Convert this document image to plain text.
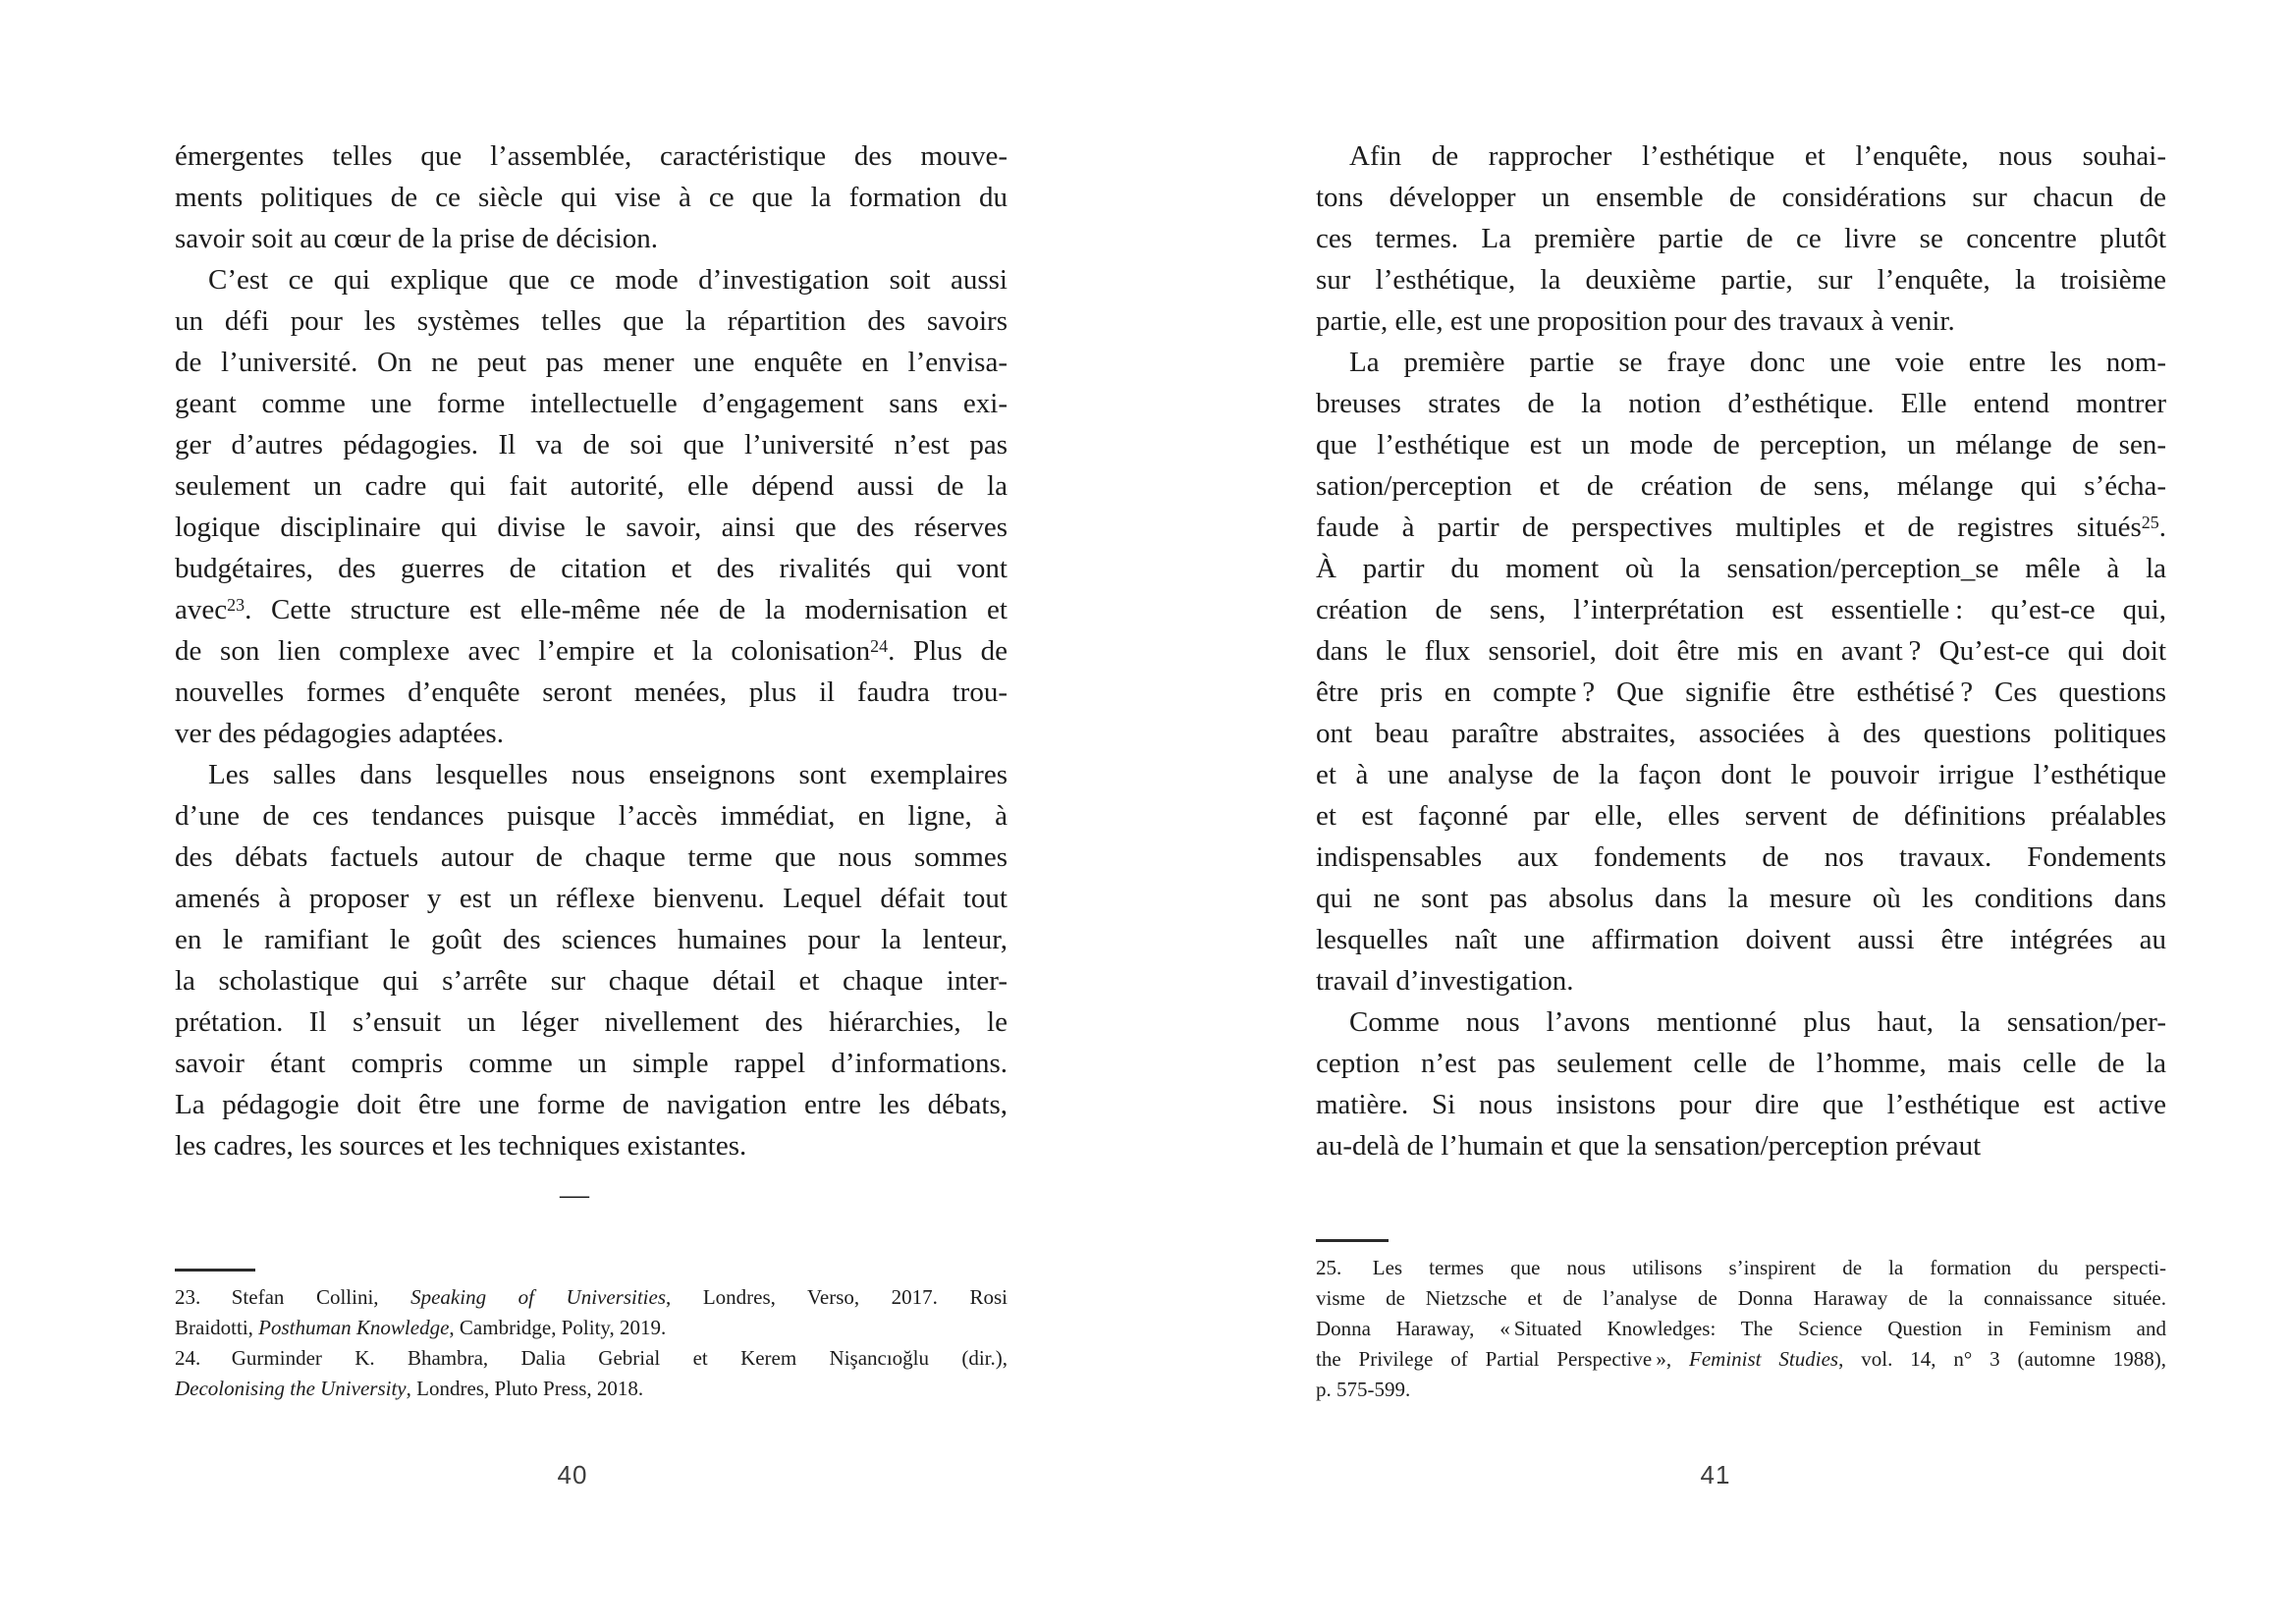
émergentes telles que l’assemblée, caractéristique des mouve-
ments politiques de ce siècle qui vise à ce que la formation du
savoir soit au cœur de la prise de décision.
C’est ce qui explique que ce mode d’investigation soit aussi
un défi pour les systèmes telles que la répartition des savoirs
de l’université. On ne peut pas mener une enquête en l’envisa-
geant comme une forme intellectuelle d’engagement sans exi-
ger d’autres pédagogies. Il va de soi que l’université n’est pas
seulement un cadre qui fait autorité, elle dépend aussi de la
logique disciplinaire qui divise le savoir, ainsi que des réserves
budgétaires, des guerres de citation et des rivalités qui vont
avec$^{23}$. Cette structure est elle-même née de la modernisation et
de son lien complexe avec l’empire et la colonisation$^{24}$. Plus de
nouvelles formes d’enquête seront menées, plus il faudra trou-
ver des pédagogies adaptées.
Les salles dans lesquelles nous enseignons sont exemplaires
d’une de ces tendances puisque l’accès immédiat, en ligne, à
des débats factuels autour de chaque terme que nous sommes
amenés à proposer y est un réflexe bienvenu. Lequel défait tout
en le ramifiant le goût des sciences humaines pour la lenteur,
la scholastique qui s’arrête sur chaque détail et chaque inter-
prétation. Il s’ensuit un léger nivellement des hiérarchies, le
savoir étant compris comme un simple rappel d’informations.
La pédagogie doit être une forme de navigation entre les débats,
les cadres, les sources et les techniques existantes.
—
23.  Stefan Collini, Speaking of Universities, Londres, Verso, 2017. Rosi
Braidotti, Posthuman Knowledge, Cambridge, Polity, 2019.
24.  Gurminder K. Bhambra, Dalia Gebrial et Kerem Nişancıoğlu (dir.),
Decolonising the University, Londres, Pluto Press, 2018.
40
Afin de rapprocher l’esthétique et l’enquête, nous souhai-
tons développer un ensemble de considérations sur chacun de
ces termes. La première partie de ce livre se concentre plutôt
sur l’esthétique, la deuxième partie, sur l’enquête, la troisième
partie, elle, est une proposition pour des travaux à venir.
La première partie se fraye donc une voie entre les nom-
breuses strates de la notion d’esthétique. Elle entend montrer
que l’esthétique est un mode de perception, un mélange de sen-
sation/perception et de création de sens, mélange qui s’écha-
faude à partir de perspectives multiples et de registres situés$^{25}$.
À partir du moment où la sensation/perception_se mêle à la
création de sens, l’interprétation est essentielle : qu’est-ce qui,
dans le flux sensoriel, doit être mis en avant ? Qu’est-ce qui doit
être pris en compte ? Que signifie être esthétisé ? Ces questions
ont beau paraître abstraites, associées à des questions politiques
et à une analyse de la façon dont le pouvoir irrigue l’esthétique
et est façonné par elle, elles servent de définitions préalables
indispensables aux fondements de nos travaux. Fondements
qui ne sont pas absolus dans la mesure où les conditions dans
lesquelles naît une affirmation doivent aussi être intégrées au
travail d’investigation.
Comme nous l’avons mentionné plus haut, la sensation/per-
ception n’est pas seulement celle de l’homme, mais celle de la
matière. Si nous insistons pour dire que l’esthétique est active
au-delà de l’humain et que la sensation/perception prévaut
25.  Les termes que nous utilisons s’inspirent de la formation du perspecti-
visme de Nietzsche et de l’analyse de Donna Haraway de la connaissance située.
Donna Haraway, « Situated Knowledges: The Science Question in Feminism and
the Privilege of Partial Perspective », Feminist Studies, vol. 14, n° 3 (automne 1988),
p. 575-599.
41
